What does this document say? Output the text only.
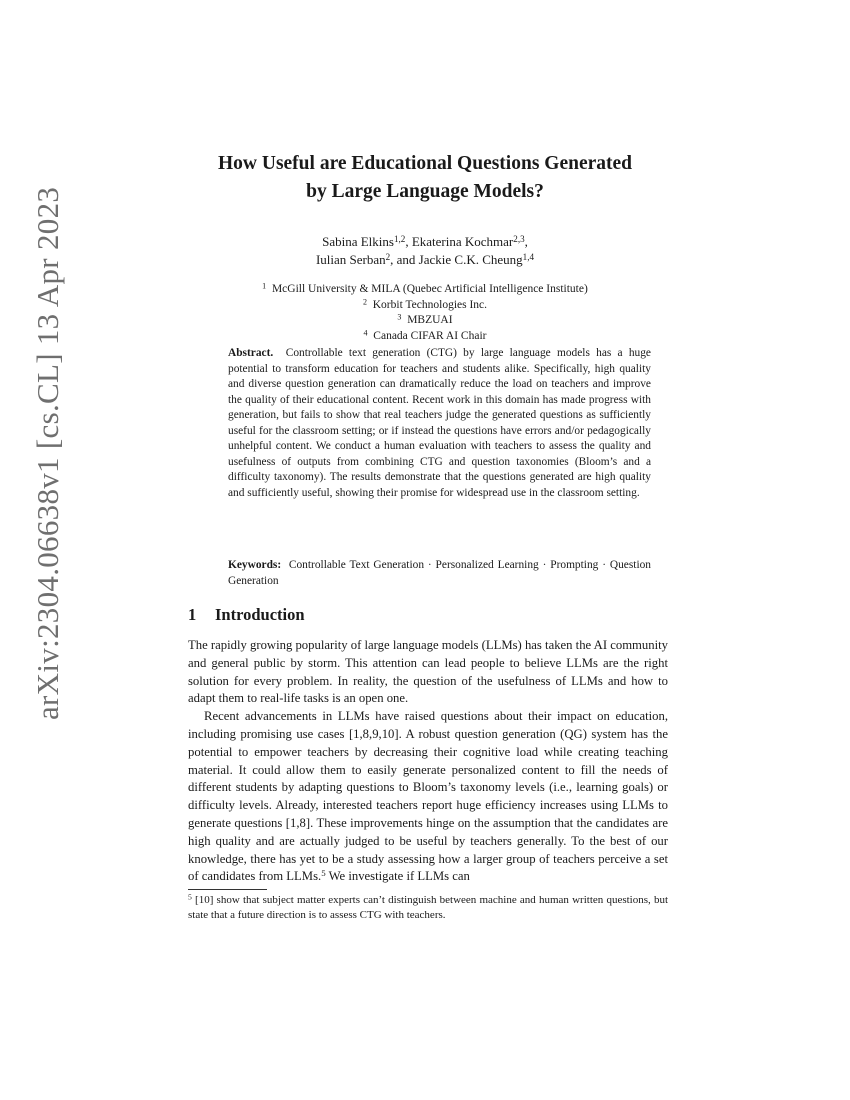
arXiv:2304.06638v1 [cs.CL] 13 Apr 2023
How Useful are Educational Questions Generated
by Large Language Models?
Sabina Elkins$^{1,2}$, Ekaterina Kochmar$^{2,3}$,
Iulian Serban$^2$, and Jackie C.K. Cheung$^{1,4}$
$^1$ McGill University & MILA (Quebec Artificial Intelligence Institute)
$^2$ Korbit Technologies Inc.
$^3$ MBZUAI
$^4$ Canada CIFAR AI Chair
Abstract. Controllable text generation (CTG) by large language models has a huge potential to transform education for teachers and students alike. Specifically, high quality and diverse question generation can dramatically reduce the load on teachers and improve the quality of their educational content. Recent work in this domain has made progress with generation, but fails to show that real teachers judge the generated questions as sufficiently useful for the classroom setting; or if instead the questions have errors and/or pedagogically unhelpful content. We conduct a human evaluation with teachers to assess the quality and usefulness of outputs from combining CTG and question taxonomies (Bloom’s and a difficulty taxonomy). The results demonstrate that the questions generated are high quality and sufficiently useful, showing their promise for widespread use in the classroom setting.
Keywords: Controllable Text Generation · Personalized Learning · Prompting · Question Generation
1 Introduction

The rapidly growing popularity of large language models (LLMs) has taken the AI community and general public by storm. This attention can lead people to believe LLMs are the right solution for every problem. In reality, the question of the usefulness of LLMs and how to adapt them to real-life tasks is an open one.

Recent advancements in LLMs have raised questions about their impact on education, including promising use cases [1,8,9,10]. A robust question generation (QG) system has the potential to empower teachers by decreasing their cognitive load while creating teaching material. It could allow them to easily generate personalized content to fill the needs of different students by adapting questions to Bloom’s taxonomy levels (i.e., learning goals) or difficulty levels. Already, interested teachers report huge efficiency increases using LLMs to generate questions [1,8]. These improvements hinge on the assumption that the candidates are high quality and are actually judged to be useful by teachers generally. To the best of our knowledge, there has yet to be a study assessing how a larger group of teachers perceive a set of candidates from LLMs.$^5$ We investigate if LLMs can

$^5$ [10] show that subject matter experts can’t distinguish between machine and human written questions, but state that a future direction is to assess CTG with teachers.
